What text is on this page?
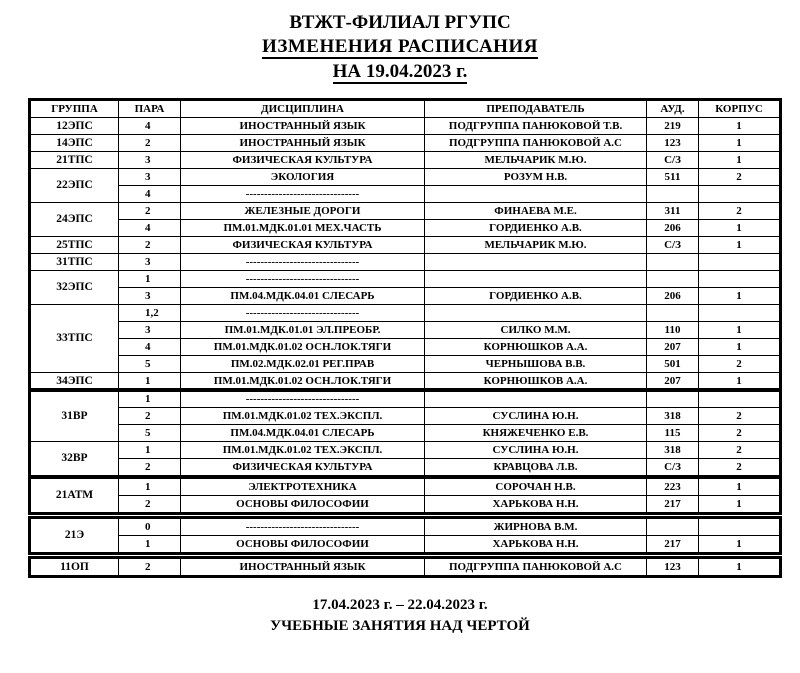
ВТЖТ-ФИЛИАЛ РГУПС
ИЗМЕНЕНИЯ РАСПИСАНИЯ
НА 19.04.2023 г.
ГРУППА	ПАРА	ДИСЦИПЛИНА	ПРЕПОДАВАТЕЛЬ	АУД.	КОРПУС
12ЭПС	4	ИНОСТРАННЫЙ ЯЗЫК	ПОДГРУППА ПАНЮКОВОЙ Т.В.	219	1
14ЭПС	2	ИНОСТРАННЫЙ ЯЗЫК	ПОДГРУППА ПАНЮКОВОЙ А.С	123	1
21ТПС	3	ФИЗИЧЕСКАЯ КУЛЬТУРА	МЕЛЬЧАРИК М.Ю.	С/З	1
22ЭПС	3	ЭКОЛОГИЯ	РОЗУМ Н.В.	511	2
	4	-------------------------------			
24ЭПС	2	ЖЕЛЕЗНЫЕ ДОРОГИ	ФИНАЕВА М.Е.	311	2
	4	ПМ.01.МДК.01.01 МЕХ.ЧАСТЬ	ГОРДИЕНКО А.В.	206	1
25ТПС	2	ФИЗИЧЕСКАЯ КУЛЬТУРА	МЕЛЬЧАРИК М.Ю.	С/З	1
31ТПС	3	-------------------------------			
32ЭПС	1	-------------------------------			
	3	ПМ.04.МДК.04.01 СЛЕСАРЬ	ГОРДИЕНКО А.В.	206	1
33ТПС	1,2	-------------------------------			
	3	ПМ.01.МДК.01.01 ЭЛ.ПРЕОБР.	СИЛКО М.М.	110	1
	4	ПМ.01.МДК.01.02 ОСН.ЛОК.ТЯГИ	КОРНЮШКОВ А.А.	207	1
	5	ПМ.02.МДК.02.01 РЕГ.ПРАВ	ЧЕРНЫШОВА В.В.	501	2
34ЭПС	1	ПМ.01.МДК.01.02 ОСН.ЛОК.ТЯГИ	КОРНЮШКОВ А.А.	207	1
31ВР	1	-------------------------------			
	2	ПМ.01.МДК.01.02 ТЕХ.ЭКСПЛ.	СУСЛИНА Ю.Н.	318	2
	5	ПМ.04.МДК.04.01 СЛЕСАРЬ	КНЯЖЕЧЕНКО Е.В.	115	2
32ВР	1	ПМ.01.МДК.01.02 ТЕХ.ЭКСПЛ.	СУСЛИНА Ю.Н.	318	2
	2	ФИЗИЧЕСКАЯ КУЛЬТУРА	КРАВЦОВА Л.В.	С/З	2
21АТМ	1	ЭЛЕКТРОТЕХНИКА	СОРОЧАН Н.В.	223	1
	2	ОСНОВЫ ФИЛОСОФИИ	ХАРЬКОВА Н.Н.	217	1
21Э	0	-------------------------------	ЖИРНОВА В.М.		
	1	ОСНОВЫ ФИЛОСОФИИ	ХАРЬКОВА Н.Н.	217	1
11ОП	2	ИНОСТРАННЫЙ ЯЗЫК	ПОДГРУППА ПАНЮКОВОЙ А.С	123	1
17.04.2023 г. – 22.04.2023 г.
УЧЕБНЫЕ ЗАНЯТИЯ НАД ЧЕРТОЙ
